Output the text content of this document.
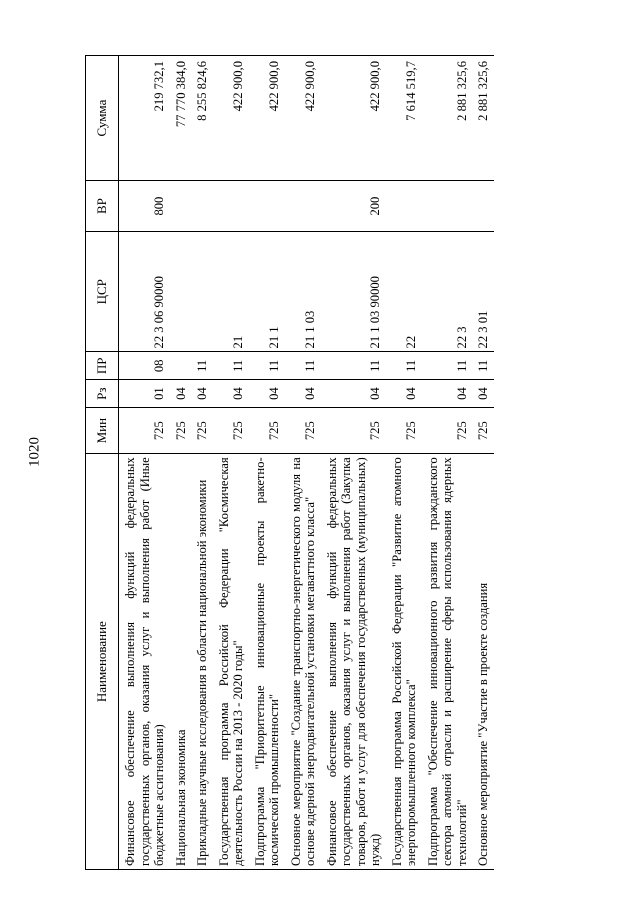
1020
Наименование	Мин	Рз	ПР	ЦСР	ВР	Сумма
Финансовое обеспечение выполнения функций федеральных государственных органов, оказания услуг и выполнения работ (Иные бюджетные ассигнования)	725	01	08	22 3 06 90000	800	219 732,1
Национальная экономика	725	04				77 770 384,0
Прикладные научные исследования в области национальной экономики	725	04	11			8 255 824,6
Государственная программа Российской Федерации "Космическая деятельность России на 2013 - 2020 годы"	725	04	11	21		422 900,0
Подпрограмма "Приоритетные инновационные проекты ракетно-космической промышленности"	725	04	11	21 1		422 900,0
Основное мероприятие "Создание транспортно-энергетического модуля на основе ядерной энергодвигательной установки мегаваттного класса"	725	04	11	21 1 03		422 900,0
Финансовое обеспечение выполнения функций федеральных государственных органов, оказания услуг и выполнения работ (Закупка товаров, работ и услуг для обеспечения государственных (муниципальных) нужд)	725	04	11	21 1 03 90000	200	422 900,0
Государственная программа Российской Федерации "Развитие атомного энергопромышленного комплекса"	725	04	11	22		7 614 519,7
Подпрограмма "Обеспечение инновационного развития гражданского сектора атомной отрасли и расширение сферы использования ядерных технологий"	725	04	11	22 3		2 881 325,6
Основное мероприятие "Участие в проекте создания	725	04	11	22 3 01		2 881 325,6
